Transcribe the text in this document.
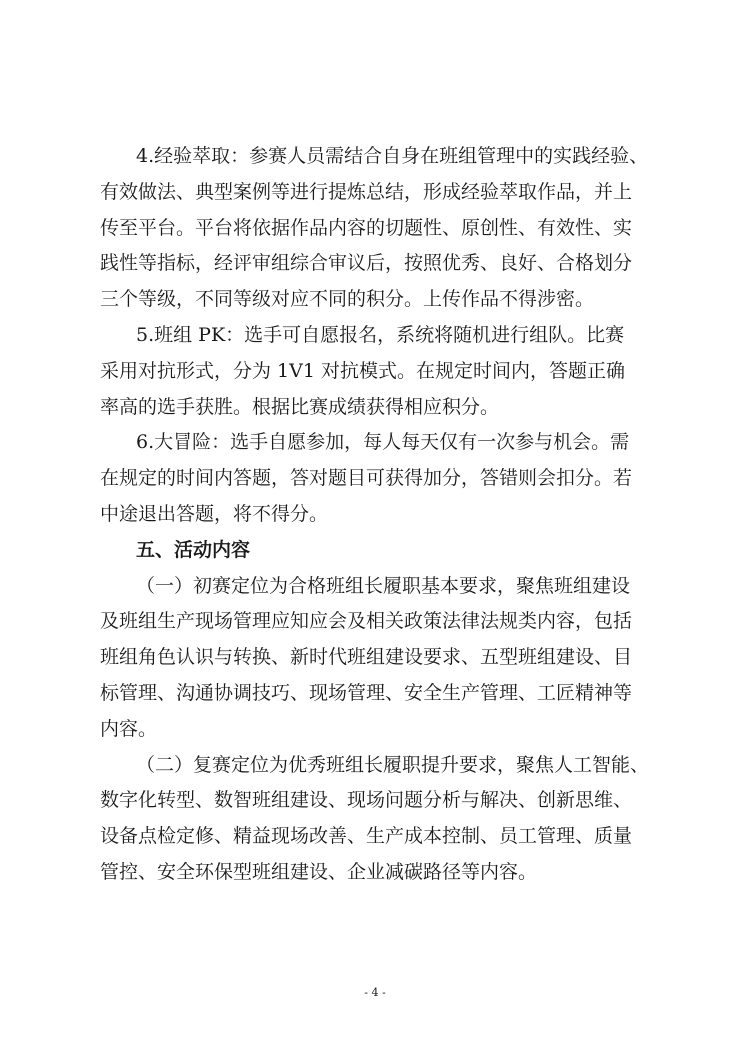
4.经验萃取：参赛人员需结合自身在班组管理中的实践经验、
有效做法、典型案例等进行提炼总结，形成经验萃取作品，并上
传至平台。平台将依据作品内容的切题性、原创性、有效性、实
践性等指标，经评审组综合审议后，按照优秀、良好、合格划分
三个等级，不同等级对应不同的积分。上传作品不得涉密。

5.班组 PK：选手可自愿报名，系统将随机进行组队。比赛
采用对抗形式，分为 1V1 对抗模式。在规定时间内，答题正确
率高的选手获胜。根据比赛成绩获得相应积分。

6.大冒险：选手自愿参加，每人每天仅有一次参与机会。需
在规定的时间内答题，答对题目可获得加分，答错则会扣分。若
中途退出答题，将不得分。

五、活动内容

（一）初赛定位为合格班组长履职基本要求，聚焦班组建设
及班组生产现场管理应知应会及相关政策法律法规类内容，包括
班组角色认识与转换、新时代班组建设要求、五型班组建设、目
标管理、沟通协调技巧、现场管理、安全生产管理、工匠精神等
内容。

（二）复赛定位为优秀班组长履职提升要求，聚焦人工智能、
数字化转型、数智班组建设、现场问题分析与解决、创新思维、
设备点检定修、精益现场改善、生产成本控制、员工管理、质量
管控、安全环保型班组建设、企业减碳路径等内容。

- 4 -
